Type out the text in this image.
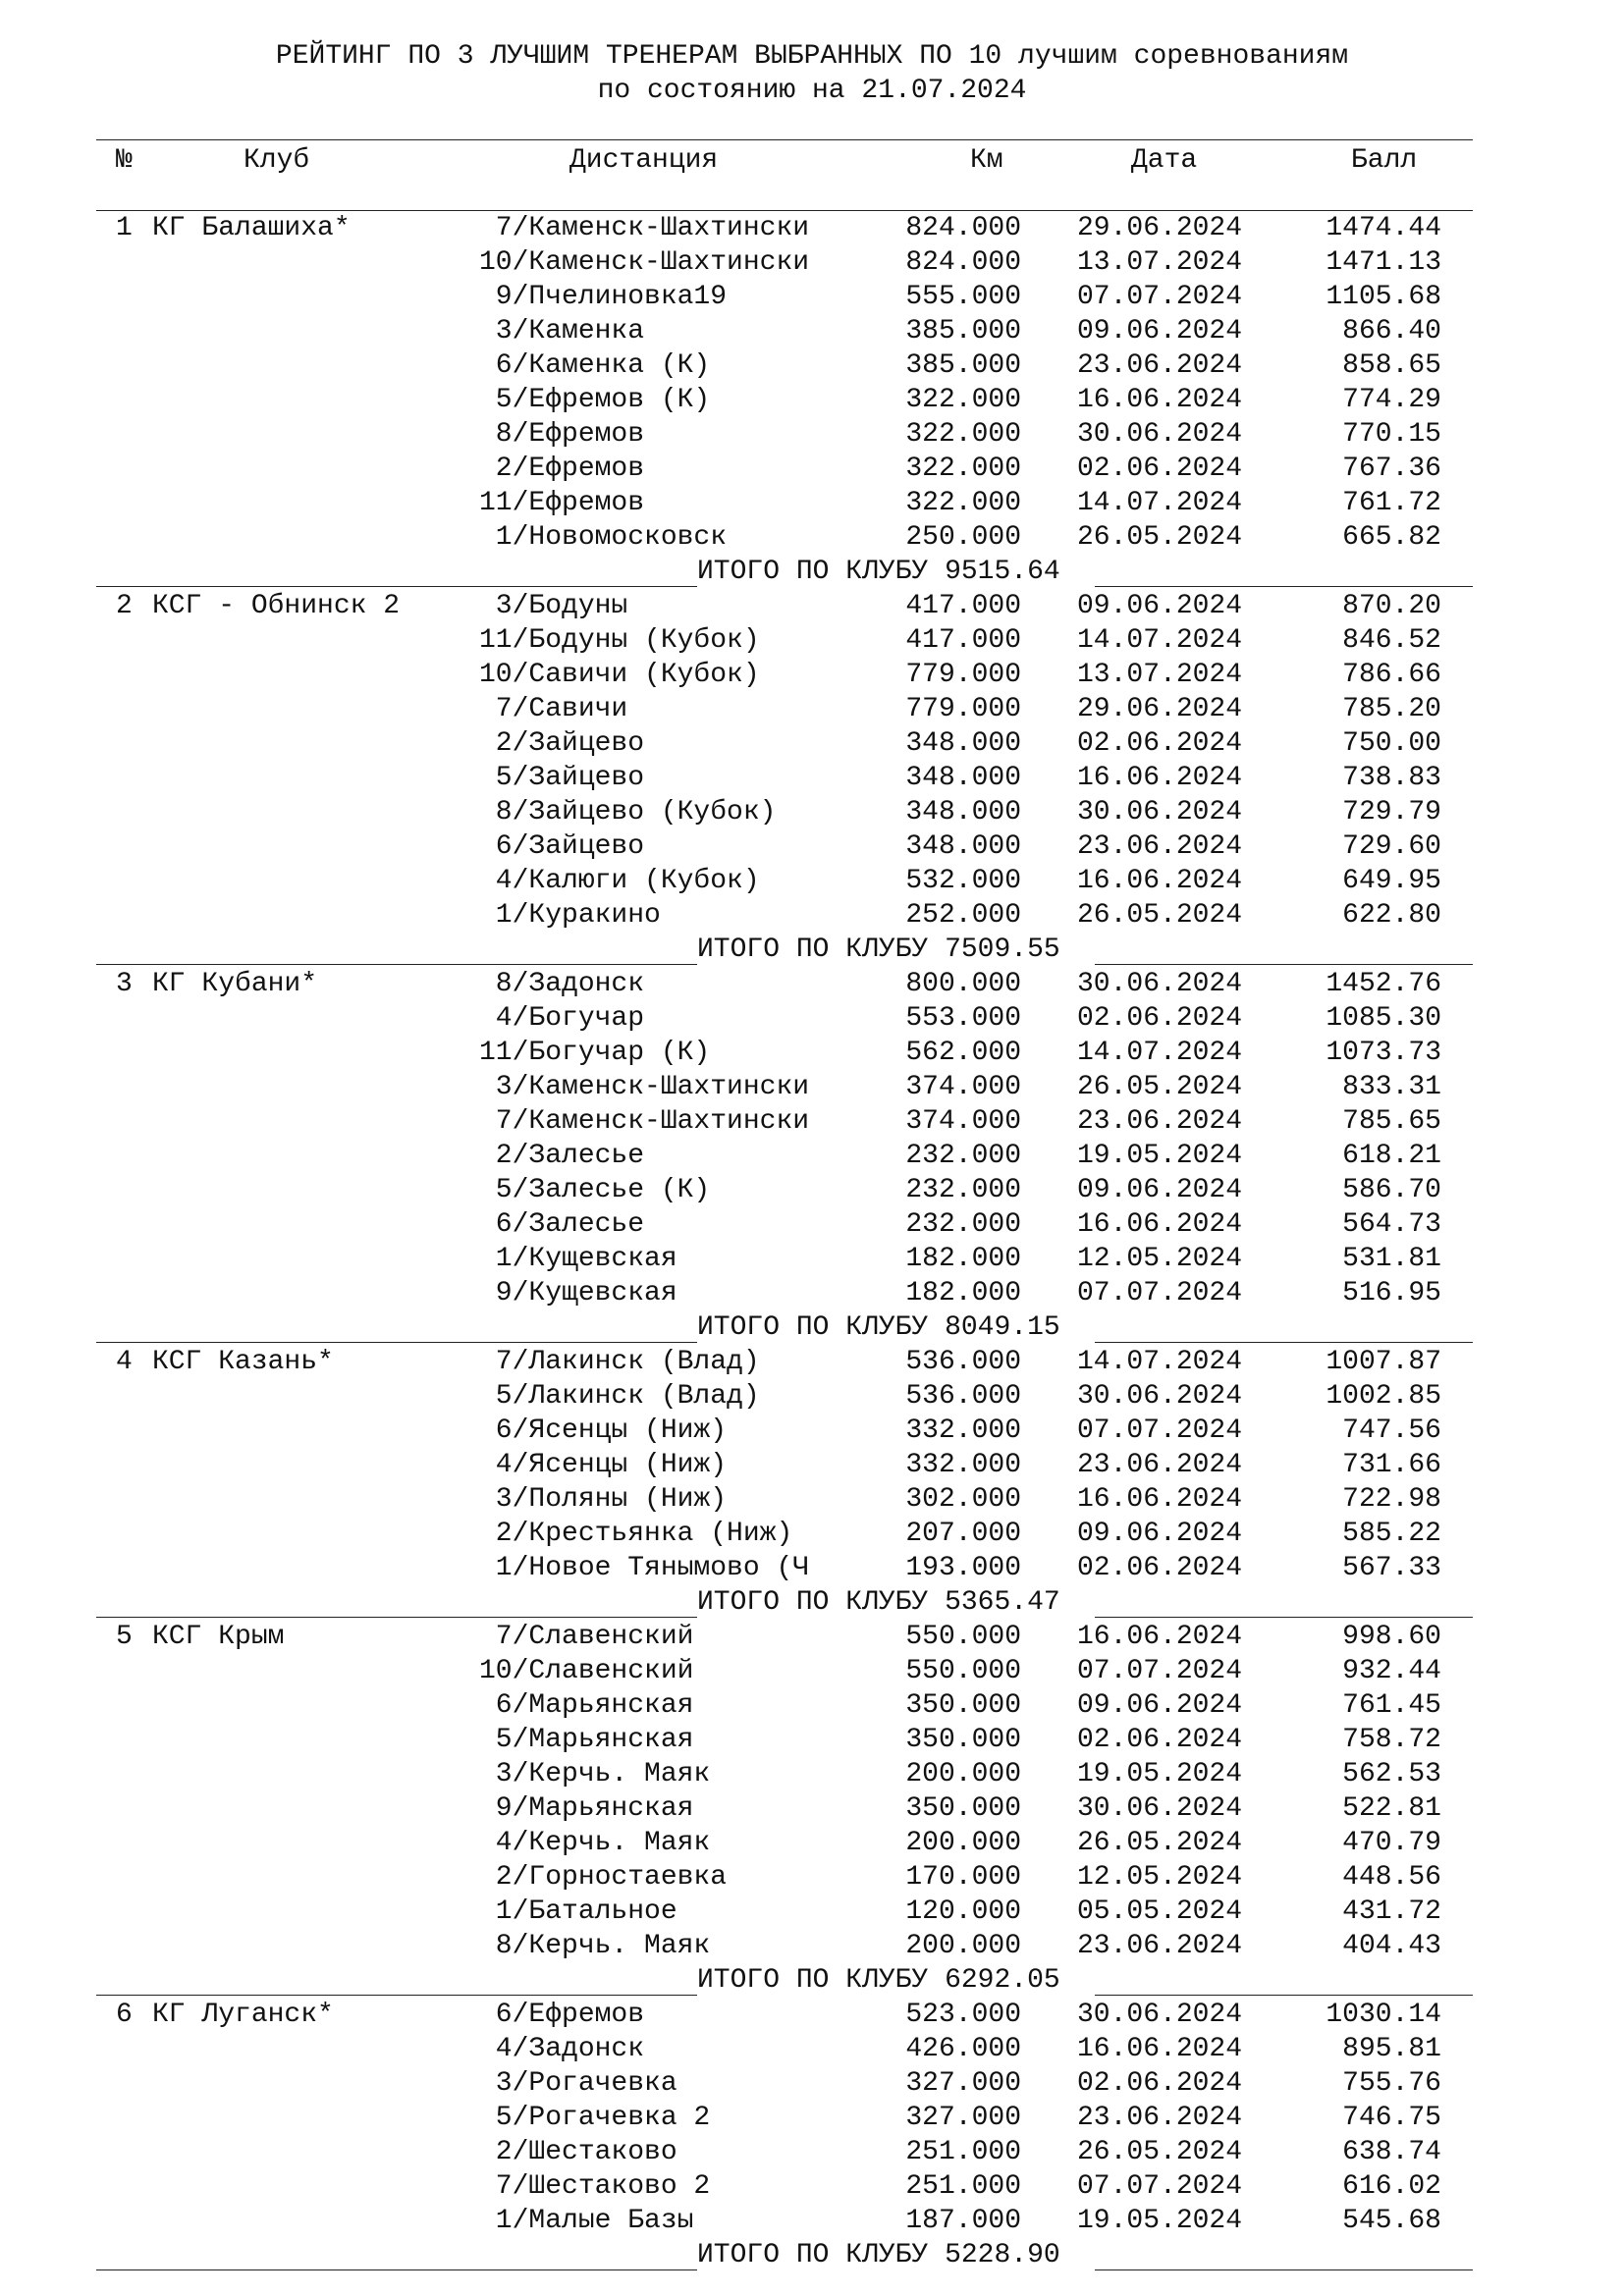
РЕЙТИНГ ПО 3 ЛУЧШИМ ТРЕНЕРАМ ВЫБРАННЫХ ПО 10 лучшим соревнованиям
по состоянию на 21.07.2024
№	Клуб	Дистанция	Км	Дата	Балл
1 КГ Балашиха*	7/Каменск-Шахтински	824.000 29.06.2024	1474.44
10/Каменск-Шахтински	824.000 13.07.2024	1471.13
9/Пчелиновка19	555.000 07.07.2024	1105.68
3/Каменка	385.000 09.06.2024	866.40
6/Каменка (К)	385.000 23.06.2024	858.65
5/Ефремов (К)	322.000 16.06.2024	774.29
8/Ефремов	322.000 30.06.2024	770.15
2/Ефремов	322.000 02.06.2024	767.36
11/Ефремов	322.000 14.07.2024	761.72
1/Новомосковск	250.000 26.05.2024	665.82
ИТОГО ПО КЛУБУ 9515.64
2 КСГ - Обнинск 2	3/Бодуны	417.000 09.06.2024	870.20
11/Бодуны (Кубок)	417.000 14.07.2024	846.52
10/Савичи (Кубок)	779.000 13.07.2024	786.66
7/Савичи	779.000 29.06.2024	785.20
2/Зайцево	348.000 02.06.2024	750.00
5/Зайцево	348.000 16.06.2024	738.83
8/Зайцево (Кубок)	348.000 30.06.2024	729.79
6/Зайцево	348.000 23.06.2024	729.60
4/Калюги (Кубок)	532.000 16.06.2024	649.95
1/Куракино	252.000 26.05.2024	622.80
ИТОГО ПО КЛУБУ 7509.55
3 КГ Кубани*	8/Задонск	800.000 30.06.2024	1452.76
4/Богучар	553.000 02.06.2024	1085.30
11/Богучар (К)	562.000 14.07.2024	1073.73
3/Каменск-Шахтински	374.000 26.05.2024	833.31
7/Каменск-Шахтински	374.000 23.06.2024	785.65
2/Залесье	232.000 19.05.2024	618.21
5/Залесье (К)	232.000 09.06.2024	586.70
6/Залесье	232.000 16.06.2024	564.73
1/Кущевская	182.000 12.05.2024	531.81
9/Кущевская	182.000 07.07.2024	516.95
ИТОГО ПО КЛУБУ 8049.15
4 КСГ Казань*	7/Лакинск (Влад)	536.000 14.07.2024	1007.87
5/Лакинск (Влад)	536.000 30.06.2024	1002.85
6/Ясенцы (Ниж)	332.000 07.07.2024	747.56
4/Ясенцы (Ниж)	332.000 23.06.2024	731.66
3/Поляны (Ниж)	302.000 16.06.2024	722.98
2/Крестьянка (Ниж)	207.000 09.06.2024	585.22
1/Новое Тянымово (Ч	193.000 02.06.2024	567.33
ИТОГО ПО КЛУБУ 5365.47
5 КСГ Крым	7/Славенский	550.000 16.06.2024	998.60
10/Славенский	550.000 07.07.2024	932.44
6/Марьянская	350.000 09.06.2024	761.45
5/Марьянская	350.000 02.06.2024	758.72
3/Керчь. Маяк	200.000 19.05.2024	562.53
9/Марьянская	350.000 30.06.2024	522.81
4/Керчь. Маяк	200.000 26.05.2024	470.79
2/Горностаевка	170.000 12.05.2024	448.56
1/Батальное	120.000 05.05.2024	431.72
8/Керчь. Маяк	200.000 23.06.2024	404.43
ИТОГО ПО КЛУБУ 6292.05
6 КГ Луганск*	6/Ефремов	523.000 30.06.2024	1030.14
4/Задонск	426.000 16.06.2024	895.81
3/Рогачевка	327.000 02.06.2024	755.76
5/Рогачевка 2	327.000 23.06.2024	746.75
2/Шестаково	251.000 26.05.2024	638.74
7/Шестаково 2	251.000 07.07.2024	616.02
1/Малые Базы	187.000 19.05.2024	545.68
ИТОГО ПО КЛУБУ 5228.90
